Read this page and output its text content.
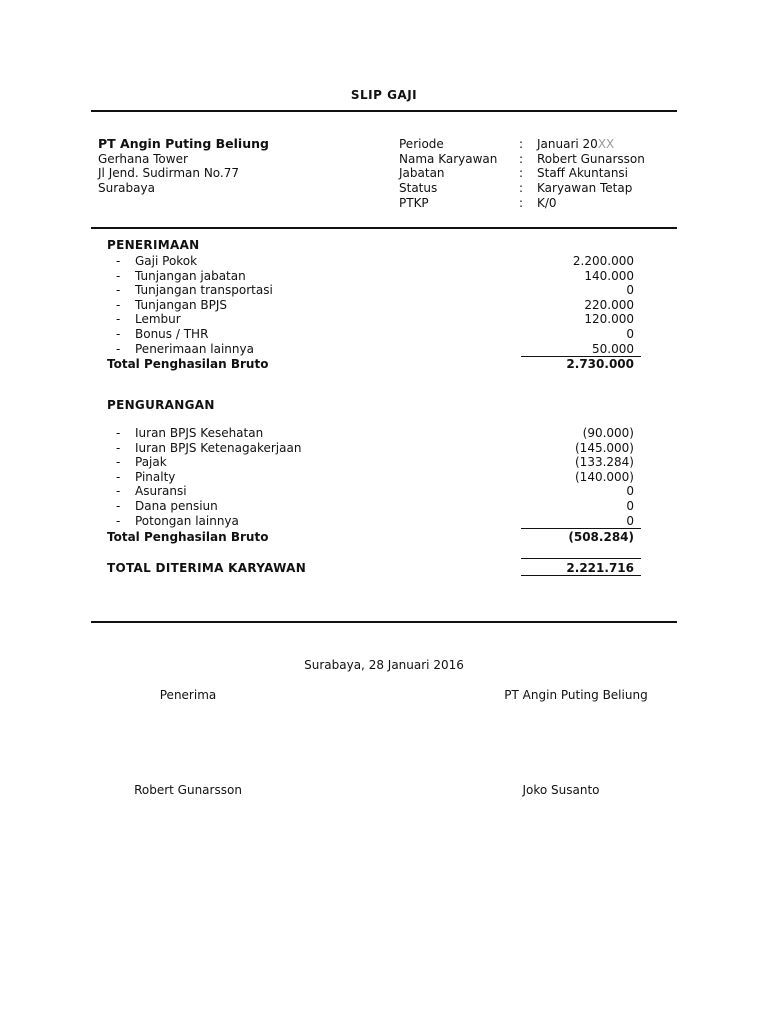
SLIP GAJI
PT Angin Puting Beliung
Gerhana Tower
Jl Jend. Sudirman No.77
Surabaya
Periode	: Januari 20XX
Nama Karyawan : Robert Gunarsson
Jabatan	: Staff Akuntansi
Status	: Karyawan Tetap
PTKP	: K/0
PENERIMAAN
- Gaji Pokok	2.200.000
- Tunjangan jabatan	140.000
- Tunjangan transportasi	0
- Tunjangan BPJS	220.000
- Lembur	120.000
- Bonus / THR	0
- Penerimaan lainnya	50.000
Total Penghasilan Bruto	2.730.000
PENGURANGAN
- Iuran BPJS Kesehatan	(90.000)
- Iuran BPJS Ketenagakerjaan	(145.000)
- Pajak	(133.284)
- Pinalty	(140.000)
- Asuransi	0
- Dana pensiun	0
- Potongan lainnya	0
Total Penghasilan Bruto	(508.284)
TOTAL DITERIMA KARYAWAN	2.221.716
Surabaya, 28 Januari 2016
Penerima	PT Angin Puting Beliung
Robert Gunarsson	Joko Susanto
